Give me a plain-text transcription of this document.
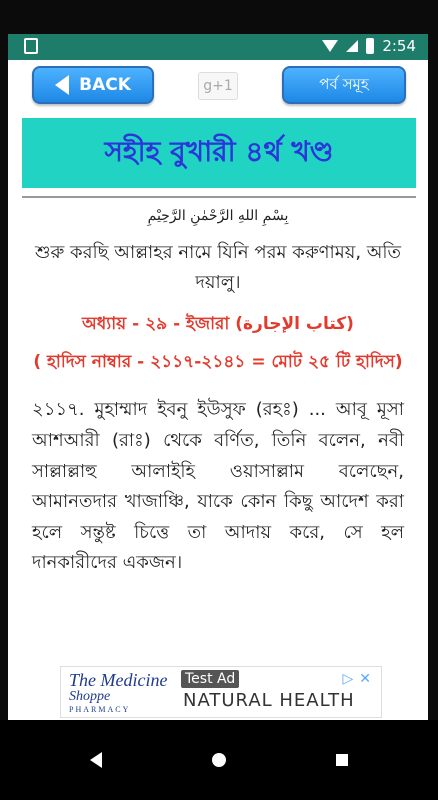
2:54
BACK	g+1	পর্ব সমূহ
সহীহ বুখারী ৪র্থ খণ্ড
بِسْمِ اللهِ الرَّحْمٰنِ الرَّحِيْمِ
শুরু করছি আল্লাহর নামে যিনি পরম করুণাময়, অতি দয়ালু।
অধ্যায় - ২৯ - ইজারা (كتاب الإجارة)
( হাদিস নাম্বার - ২১১৭-২১৪১ = মোট ২৫ টি হাদিস)
২১১৭. মুহাম্মাদ ইবনু ইউসুফ (রহঃ) ... আবূ মূসা আশআরী (রাঃ) থেকে বর্ণিত, তিনি বলেন, নবী সাল্লাল্লাহু আলাইহি ওয়াসাল্লাম বলেছেন, আমানতদার খাজাঞ্চি, যাকে কোন কিছু আদেশ করা হলে সন্তুষ্ট চিত্তে তা আদায় করে, সে হল দানকারীদের একজন।

The Medicine
Shoppe
PHARMACY
Test Ad
NATURAL HEALTH
▷ ✕
